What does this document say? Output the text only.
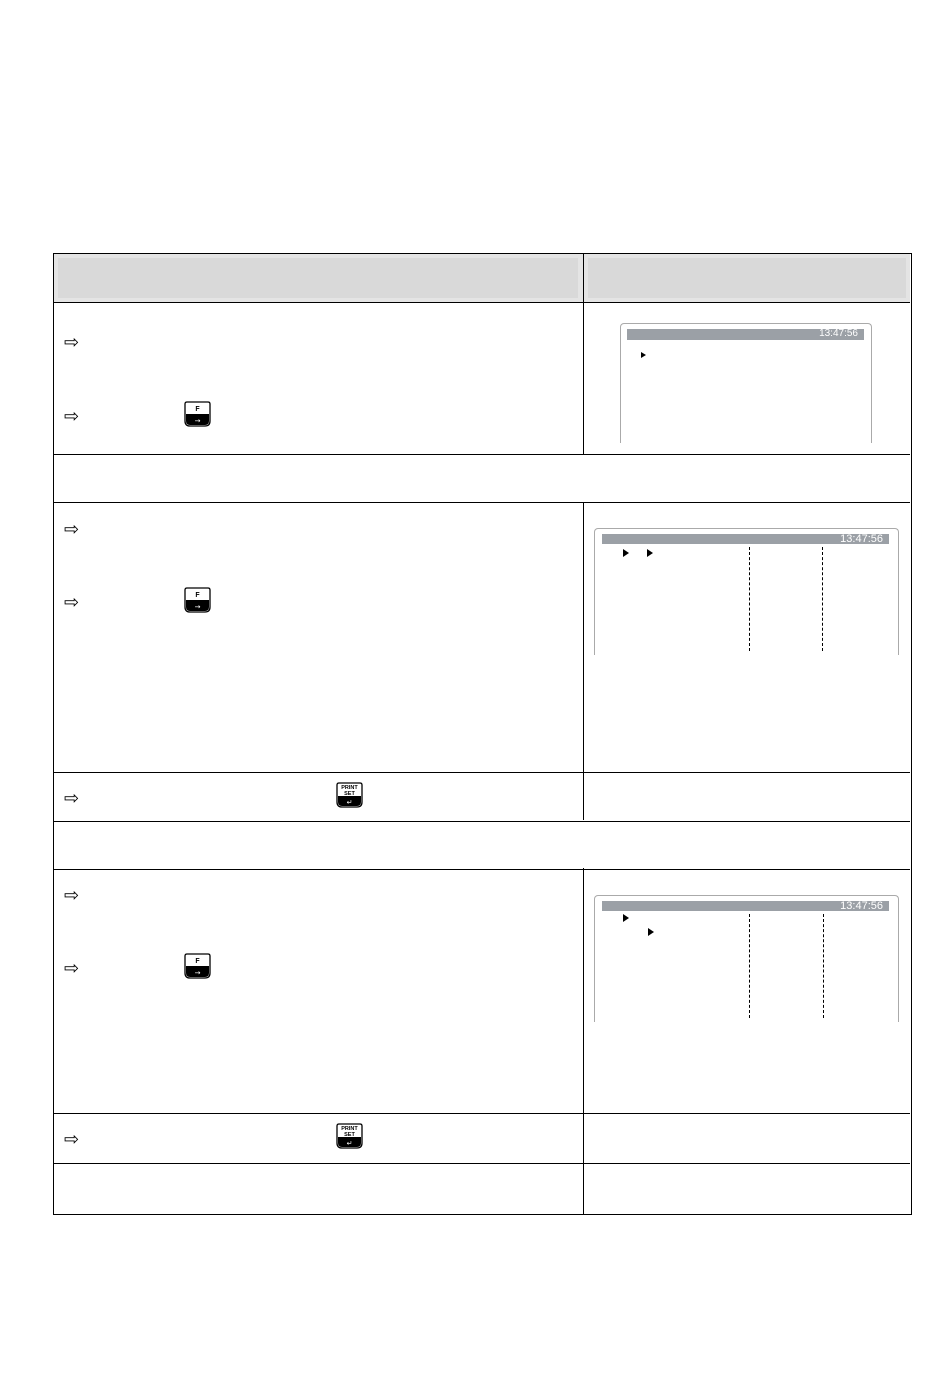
⇨
⇨
⇨
⇨
⇨
⇨
⇨
⇨
F
→
F
→
F
→
PRINT
SET
↵
PRINT
SET
↵
13:47:56
13:47:56
13:47:56
